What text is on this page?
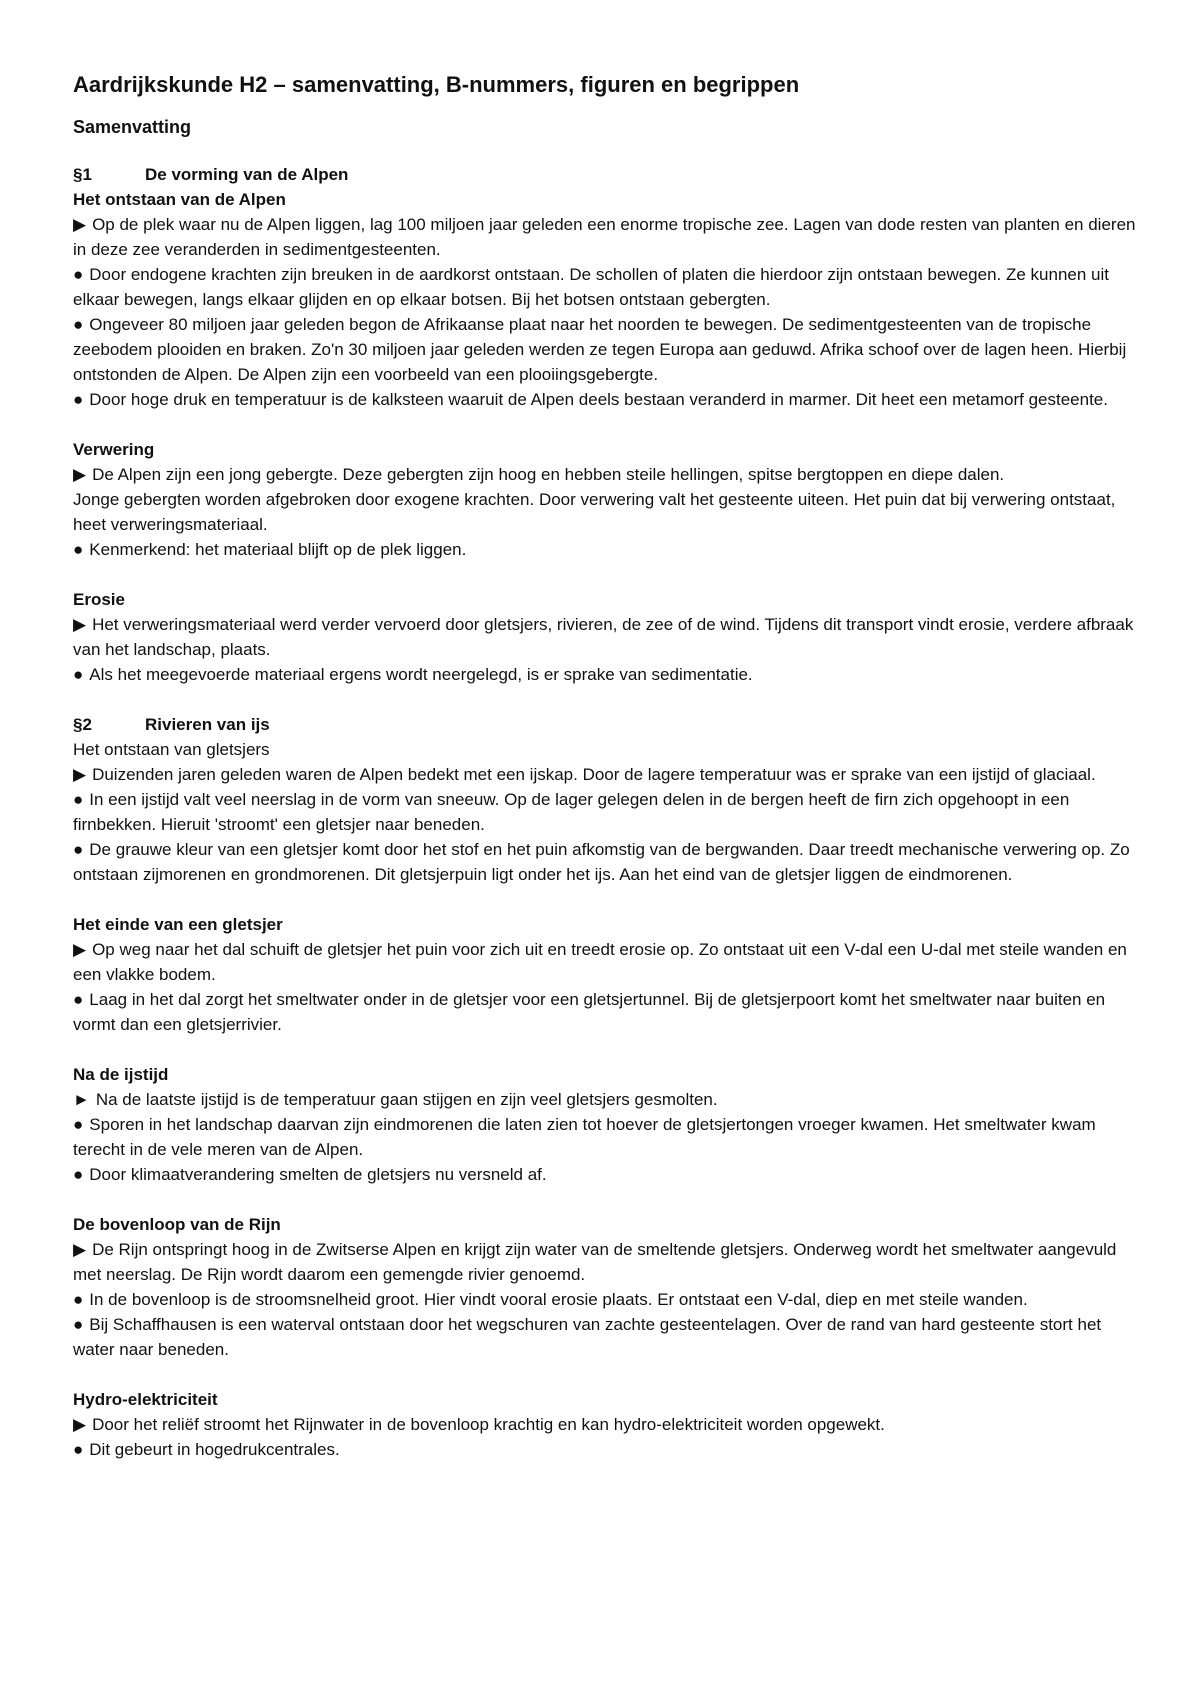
Aardrijkskunde H2 – samenvatting, B-nummers, figuren en begrippen
Samenvatting
§1	De vorming van de Alpen
Het ontstaan van de Alpen
▶ Op de plek waar nu de Alpen liggen, lag 100 miljoen jaar geleden een enorme tropische zee. Lagen van dode resten van planten en dieren in deze zee veranderden in sedimentgesteenten.
● Door endogene krachten zijn breuken in de aardkorst ontstaan. De schollen of platen die hierdoor zijn ontstaan bewegen. Ze kunnen uit elkaar bewegen, langs elkaar glijden en op elkaar botsen. Bij het botsen ontstaan gebergten.
● Ongeveer 80 miljoen jaar geleden begon de Afrikaanse plaat naar het noorden te bewegen. De sedimentgesteenten van de tropische zeebodem plooiden en braken. Zo'n 30 miljoen jaar geleden werden ze tegen Europa aan geduwd. Afrika schoof over de lagen heen. Hierbij ontstonden de Alpen. De Alpen zijn een voorbeeld van een plooiingsgebergte.
● Door hoge druk en temperatuur is de kalksteen waaruit de Alpen deels bestaan veranderd in marmer. Dit heet een metamorf gesteente.
Verwering
▶ De Alpen zijn een jong gebergte. Deze gebergten zijn hoog en hebben steile hellingen, spitse bergtoppen en diepe dalen.
Jonge gebergten worden afgebroken door exogene krachten. Door verwering valt het gesteente uiteen. Het puin dat bij verwering ontstaat, heet verweringsmateriaal.
● Kenmerkend: het materiaal blijft op de plek liggen.
Erosie
▶ Het verweringsmateriaal werd verder vervoerd door gletsjers, rivieren, de zee of de wind. Tijdens dit transport vindt erosie, verdere afbraak van het landschap, plaats.
● Als het meegevoerde materiaal ergens wordt neergelegd, is er sprake van sedimentatie.
§2	Rivieren van ijs
Het ontstaan van gletsjers
▶ Duizenden jaren geleden waren de Alpen bedekt met een ijskap. Door de lagere temperatuur was er sprake van een ijstijd of glaciaal.
● In een ijstijd valt veel neerslag in de vorm van sneeuw. Op de lager gelegen delen in de bergen heeft de firn zich opgehoopt in een firnbekken. Hieruit 'stroomt' een gletsjer naar beneden.
● De grauwe kleur van een gletsjer komt door het stof en het puin afkomstig van de bergwanden. Daar treedt mechanische verwering op. Zo ontstaan zijmorenen en grondmorenen. Dit gletsjerpuin ligt onder het ijs. Aan het eind van de gletsjer liggen de eindmorenen.
Het einde van een gletsjer
▶ Op weg naar het dal schuift de gletsjer het puin voor zich uit en treedt erosie op. Zo ontstaat uit een V-dal een U-dal met steile wanden en een vlakke bodem.
● Laag in het dal zorgt het smeltwater onder in de gletsjer voor een gletsjertunnel. Bij de gletsjerpoort komt het smeltwater naar buiten en vormt dan een gletsjerrivier.
Na de ijstijd
► Na de laatste ijstijd is de temperatuur gaan stijgen en zijn veel gletsjers gesmolten.
● Sporen in het landschap daarvan zijn eindmorenen die laten zien tot hoever de gletsjertongen vroeger kwamen. Het smeltwater kwam terecht in de vele meren van de Alpen.
● Door klimaatverandering smelten de gletsjers nu versneld af.
De bovenloop van de Rijn
▶ De Rijn ontspringt hoog in de Zwitserse Alpen en krijgt zijn water van de smeltende gletsjers. Onderweg wordt het smeltwater aangevuld met neerslag. De Rijn wordt daarom een gemengde rivier genoemd.
● In de bovenloop is de stroomsnelheid groot. Hier vindt vooral erosie plaats. Er ontstaat een V-dal, diep en met steile wanden.
● Bij Schaffhausen is een waterval ontstaan door het wegschuren van zachte gesteentelagen. Over de rand van hard gesteente stort het water naar beneden.
Hydro-elektriciteit
▶ Door het reliëf stroomt het Rijnwater in de bovenloop krachtig en kan hydro-elektriciteit worden opgewekt.
● Dit gebeurt in hogedrukcentrales.
